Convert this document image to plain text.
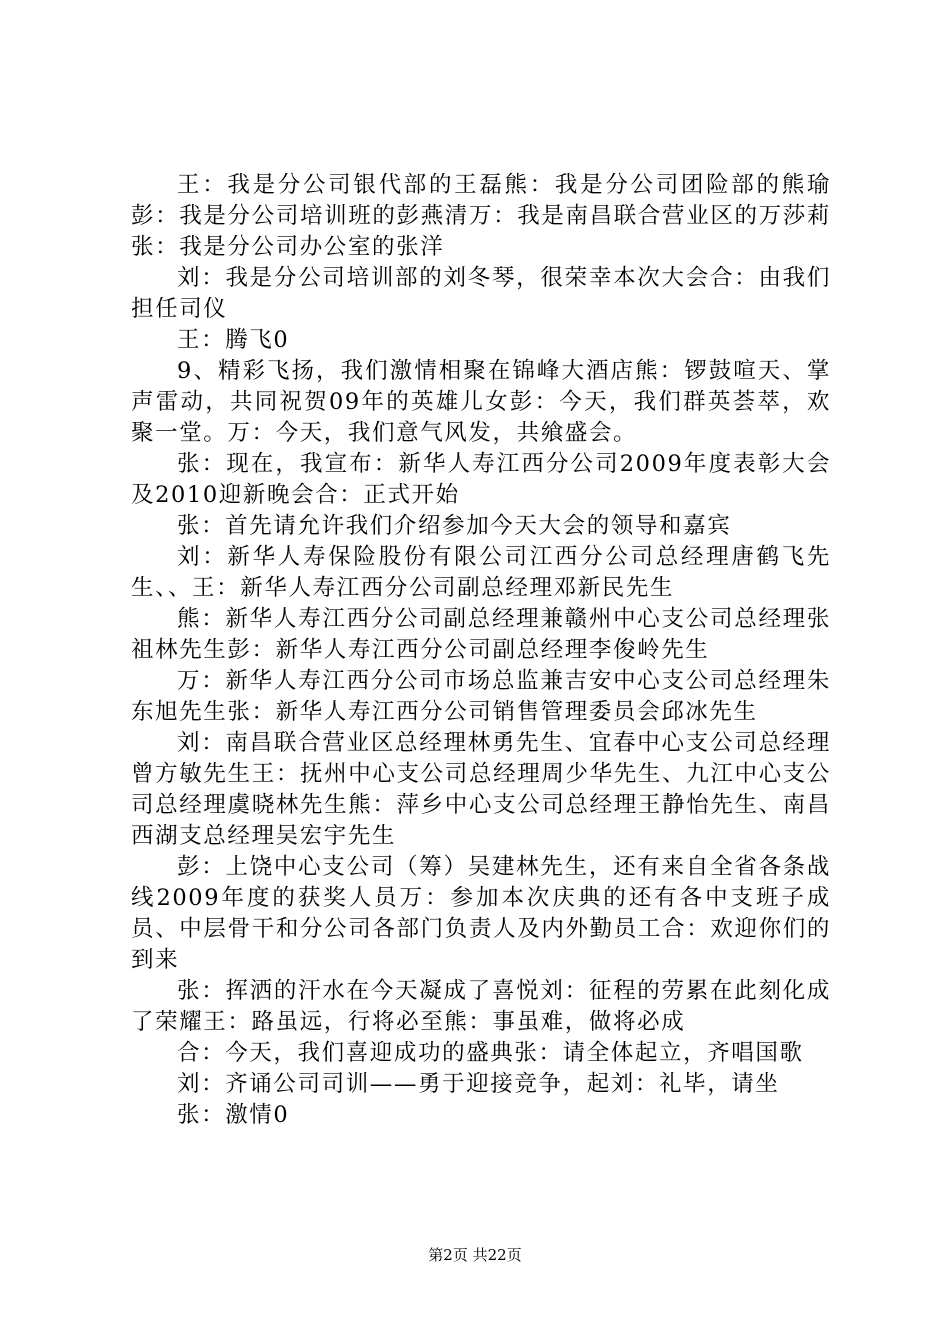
王：我是分公司银代部的王磊熊：我是分公司团险部的熊瑜彭：我是分公司培训班的彭燕清万：我是南昌联合营业区的万莎莉张：我是分公司办公室的张洋

刘：我是分公司培训部的刘冬琴，很荣幸本次大会合：由我们担任司仪

王：腾飞0

9、精彩飞扬，我们激情相聚在锦峰大酒店熊：锣鼓喧天、掌声雷动，共同祝贺09年的英雄儿女彭：今天，我们群英荟萃，欢聚一堂。万：今天，我们意气风发，共飨盛会。

张：现在，我宣布：新华人寿江西分公司2009年度表彰大会及2010迎新晚会合：正式开始

张：首先请允许我们介绍参加今天大会的领导和嘉宾

刘：新华人寿保险股份有限公司江西分公司总经理唐鹤飞先生、、王：新华人寿江西分公司副总经理邓新民先生

熊：新华人寿江西分公司副总经理兼赣州中心支公司总经理张祖林先生彭：新华人寿江西分公司副总经理李俊岭先生

万：新华人寿江西分公司市场总监兼吉安中心支公司总经理朱东旭先生张：新华人寿江西分公司销售管理委员会邱冰先生

刘：南昌联合营业区总经理林勇先生、宜春中心支公司总经理曾方敏先生王：抚州中心支公司总经理周少华先生、九江中心支公司总经理虞晓林先生熊：萍乡中心支公司总经理王静怡先生、南昌西湖支总经理吴宏宇先生

彭：上饶中心支公司（筹）吴建林先生，还有来自全省各条战线2009年度的获奖人员万：参加本次庆典的还有各中支班子成员、中层骨干和分公司各部门负责人及内外勤员工合：欢迎你们的到来

张：挥洒的汗水在今天凝成了喜悦刘：征程的劳累在此刻化成了荣耀王：路虽远，行将必至熊：事虽难，做将必成

合：今天，我们喜迎成功的盛典张：请全体起立，齐唱国歌

刘：齐诵公司司训——勇于迎接竞争，起刘：礼毕，请坐

张：激情0

第2页 共22页
